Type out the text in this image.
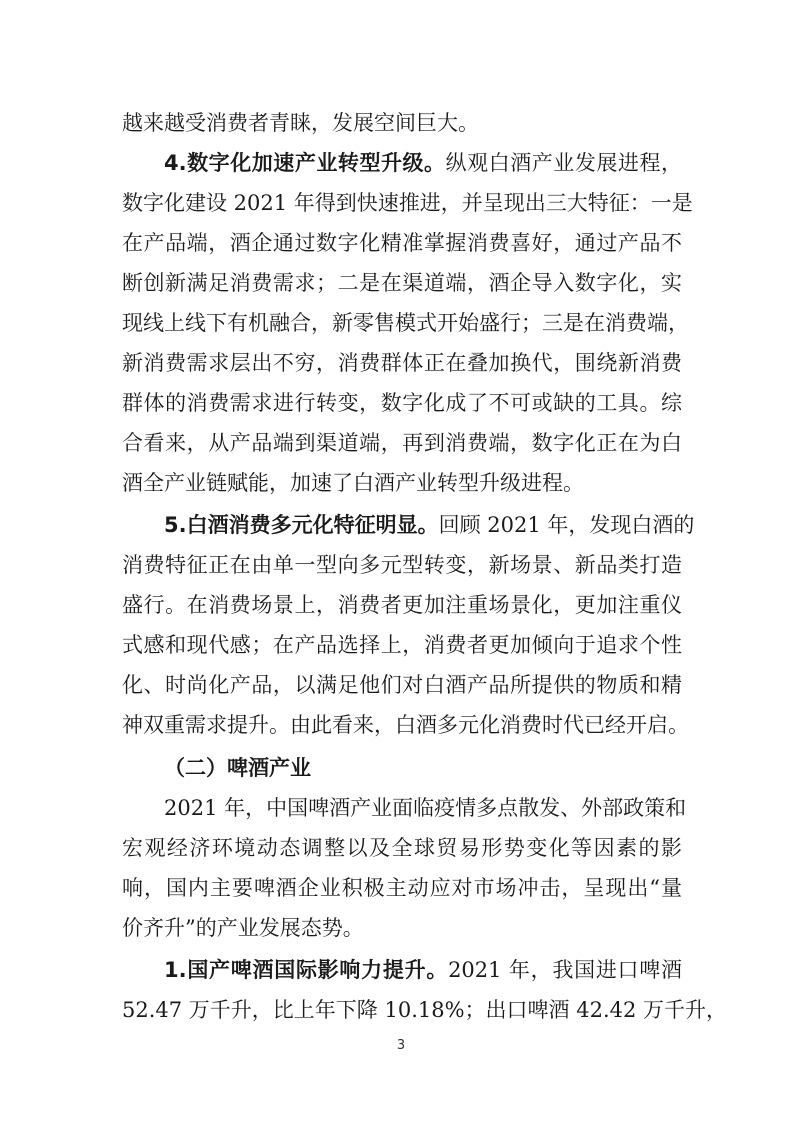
越来越受消费者青睐，发展空间巨大。
4.数字化加速产业转型升级。纵观白酒产业发展进程，
数字化建设 2021 年得到快速推进，并呈现出三大特征：一是
在产品端，酒企通过数字化精准掌握消费喜好，通过产品不
断创新满足消费需求；二是在渠道端，酒企导入数字化，实
现线上线下有机融合，新零售模式开始盛行；三是在消费端，
新消费需求层出不穷，消费群体正在叠加换代，围绕新消费
群体的消费需求进行转变，数字化成了不可或缺的工具。综
合看来，从产品端到渠道端，再到消费端，数字化正在为白
酒全产业链赋能，加速了白酒产业转型升级进程。
5.白酒消费多元化特征明显。回顾 2021 年，发现白酒的
消费特征正在由单一型向多元型转变，新场景、新品类打造
盛行。在消费场景上，消费者更加注重场景化，更加注重仪
式感和现代感；在产品选择上，消费者更加倾向于追求个性
化、时尚化产品，以满足他们对白酒产品所提供的物质和精
神双重需求提升。由此看来，白酒多元化消费时代已经开启。
（二）啤酒产业
2021 年，中国啤酒产业面临疫情多点散发、外部政策和
宏观经济环境动态调整以及全球贸易形势变化等因素的影
响，国内主要啤酒企业积极主动应对市场冲击，呈现出“量
价齐升”的产业发展态势。
1.国产啤酒国际影响力提升。2021 年，我国进口啤酒
52.47 万千升，比上年下降 10.18%；出口啤酒 42.42 万千升，
3
